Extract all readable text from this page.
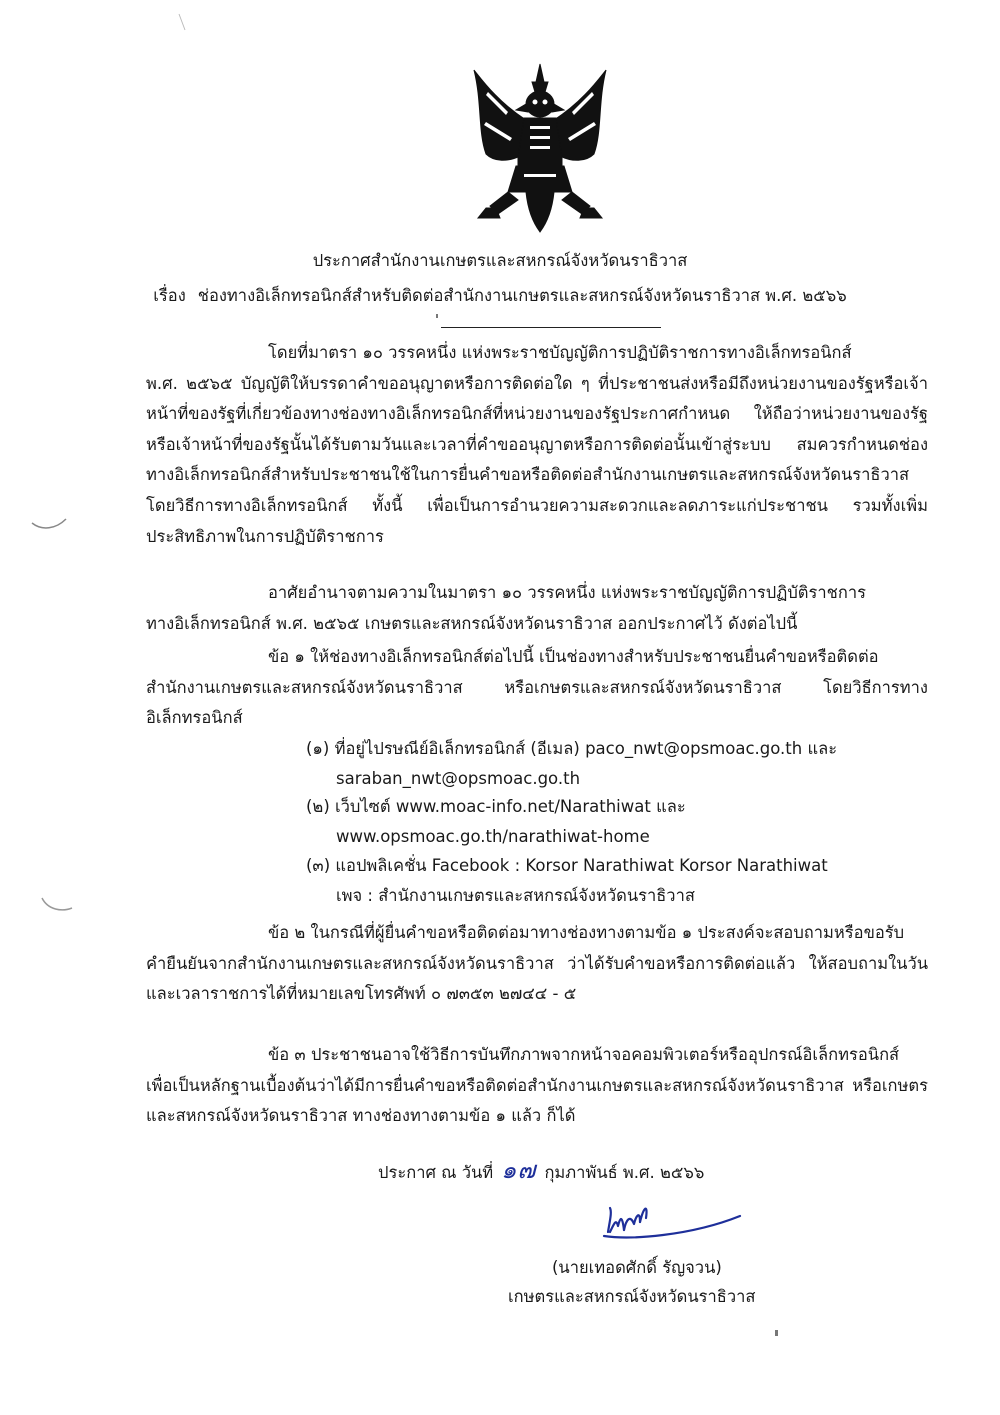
ประกาศสำนักงานเกษตรและสหกรณ์จังหวัดนราธิวาส
เรื่อง ช่องทางอิเล็กทรอนิกส์สำหรับติดต่อสำนักงานเกษตรและสหกรณ์จังหวัดนราธิวาส พ.ศ. ๒๕๖๖

โดยที่มาตรา ๑๐ วรรคหนึ่ง แห่งพระราชบัญญัติการปฏิบัติราชการทางอิเล็กทรอนิกส์
พ.ศ. ๒๕๖๕ บัญญัติให้บรรดาคำขออนุญาตหรือการติดต่อใด ๆ ที่ประชาชนส่งหรือมีถึงหน่วยงานของรัฐหรือเจ้าหน้าที่ของรัฐที่เกี่ยวข้องทางช่องทางอิเล็กทรอนิกส์ที่หน่วยงานของรัฐประกาศกำหนด ให้ถือว่าหน่วยงานของรัฐหรือเจ้าหน้าที่ของรัฐนั้นได้รับตามวันและเวลาที่คำขออนุญาตหรือการติดต่อนั้นเข้าสู่ระบบ สมควรกำหนดช่องทางอิเล็กทรอนิกส์สำหรับประชาชนใช้ในการยื่นคำขอหรือติดต่อสำนักงานเกษตรและสหกรณ์จังหวัดนราธิวาส โดยวิธีการทางอิเล็กทรอนิกส์ ทั้งนี้ เพื่อเป็นการอำนวยความสะดวกและลดภาระแก่ประชาชน รวมทั้งเพิ่มประสิทธิภาพในการปฏิบัติราชการ

อาศัยอำนาจตามความในมาตรา ๑๐ วรรคหนึ่ง แห่งพระราชบัญญัติการปฏิบัติราชการ
ทางอิเล็กทรอนิกส์ พ.ศ. ๒๕๖๕ เกษตรและสหกรณ์จังหวัดนราธิวาส ออกประกาศไว้ ดังต่อไปนี้

ข้อ ๑ ให้ช่องทางอิเล็กทรอนิกส์ต่อไปนี้ เป็นช่องทางสำหรับประชาชนยื่นคำขอหรือติดต่อ
สำนักงานเกษตรและสหกรณ์จังหวัดนราธิวาส หรือเกษตรและสหกรณ์จังหวัดนราธิวาส โดยวิธีการทางอิเล็กทรอนิกส์

(๑) ที่อยู่ไปรษณีย์อิเล็กทรอนิกส์ (อีเมล) paco_nwt@opsmoac.go.th และ
saraban_nwt@opsmoac.go.th
(๒) เว็บไซต์ www.moac-info.net/Narathiwat และ
www.opsmoac.go.th/narathiwat-home
(๓) แอปพลิเคชั่น Facebook : Korsor Narathiwat Korsor Narathiwat
เพจ : สำนักงานเกษตรและสหกรณ์จังหวัดนราธิวาส

ข้อ ๒ ในกรณีที่ผู้ยื่นคำขอหรือติดต่อมาทางช่องทางตามข้อ ๑ ประสงค์จะสอบถามหรือขอรับ
คำยืนยันจากสำนักงานเกษตรและสหกรณ์จังหวัดนราธิวาส ว่าได้รับคำขอหรือการติดต่อแล้ว ให้สอบถามในวันและเวลาราชการได้ที่หมายเลขโทรศัพท์ ๐ ๗๓๕๓ ๒๗๔๔ - ๕

ข้อ ๓ ประชาชนอาจใช้วิธีการบันทึกภาพจากหน้าจอคอมพิวเตอร์หรืออุปกรณ์อิเล็กทรอนิกส์
เพื่อเป็นหลักฐานเบื้องต้นว่าได้มีการยื่นคำขอหรือติดต่อสำนักงานเกษตรและสหกรณ์จังหวัดนราธิวาส หรือเกษตรและสหกรณ์จังหวัดนราธิวาส ทางช่องทางตามข้อ ๑ แล้ว ก็ได้

ประกาศ ณ วันที่ ๑๗ กุมภาพันธ์ พ.ศ. ๒๕๖๖
(นายเทอดศักดิ์ รัญจวน)
เกษตรและสหกรณ์จังหวัดนราธิวาส
